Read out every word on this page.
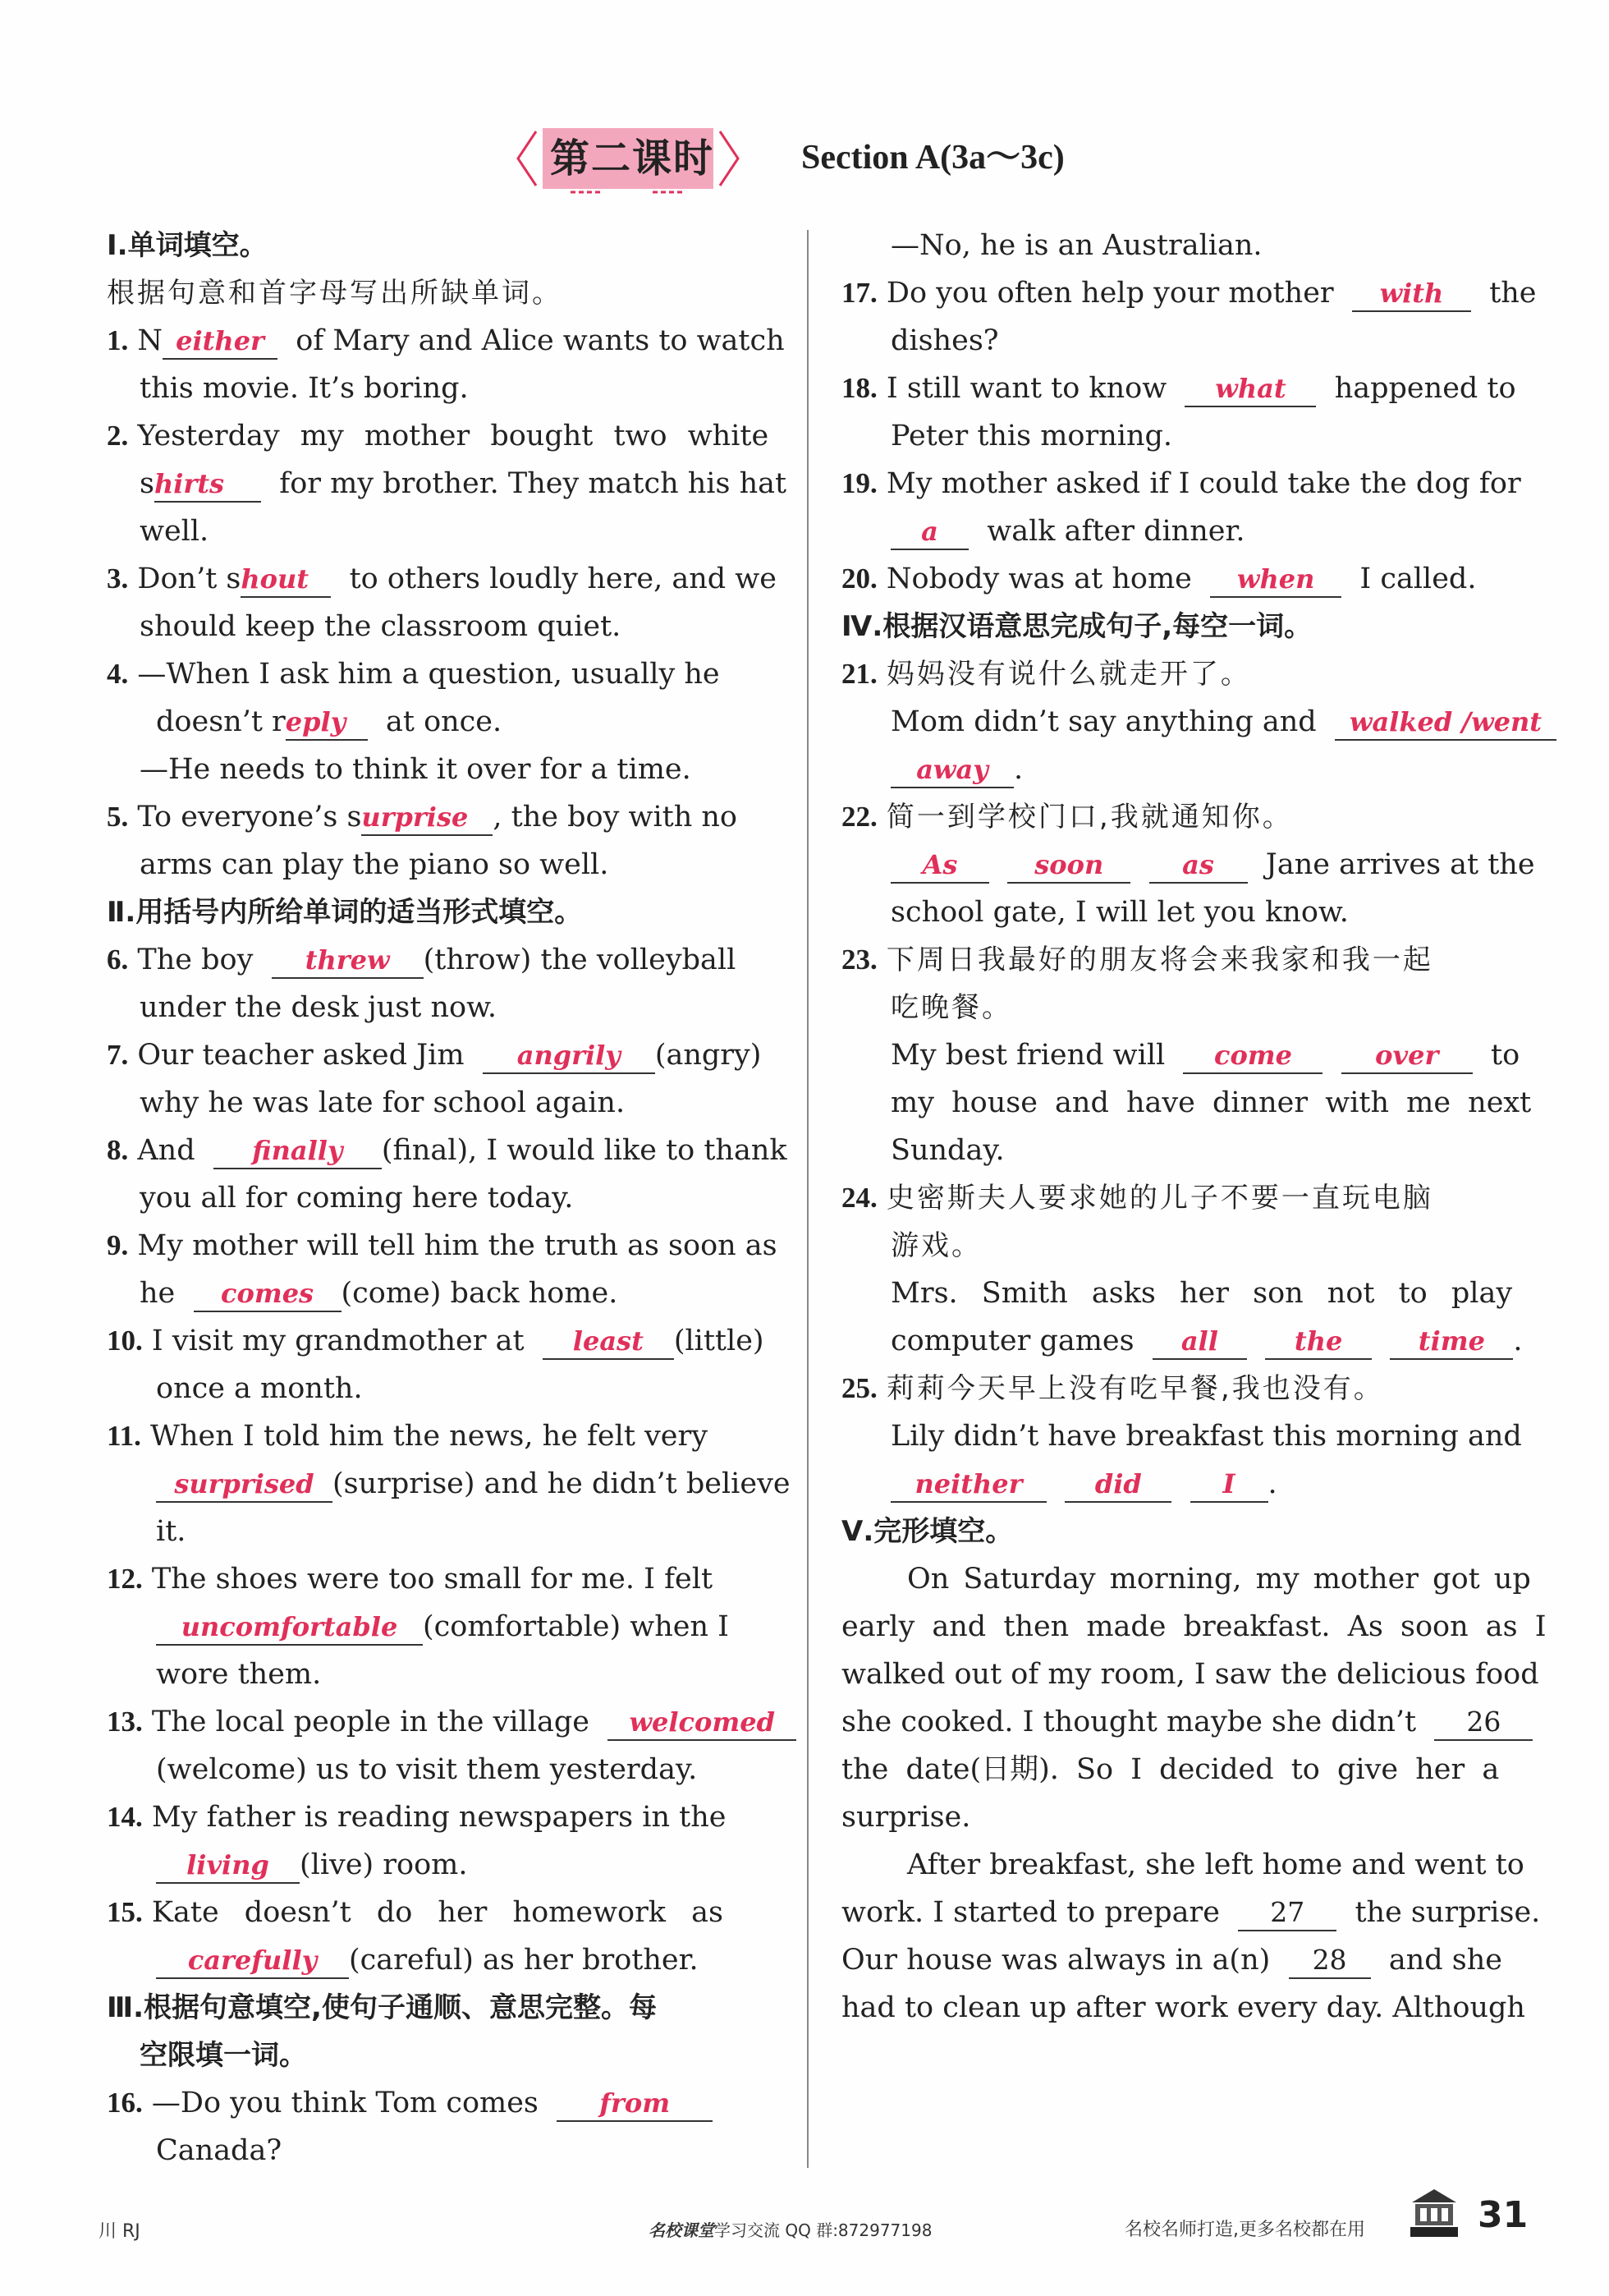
第二课时	Section A(3a～3c)
Ⅰ.单词填空。
根据句意和首字母写出所缺单词。
1. N either of Mary and Alice wants to watch
this movie. It’s boring.
2. Yesterday my mother bought two white
shirts for my brother. They match his hat
well.
3. Don’t shout to others loudly here, and we
should keep the classroom quiet.
4. —When I ask him a question, usually he
doesn’t reply at once.
—He needs to think it over for a time.
5. To everyone’s surprise , the boy with no
arms can play the piano so well.
Ⅱ.用括号内所给单词的适当形式填空。
6. The boy threw (throw) the volleyball
under the desk just now.
7. Our teacher asked Jim angrily (angry)
why he was late for school again.
8. And finally (final), I would like to thank
you all for coming here today.
9. My mother will tell him the truth as soon as
he comes (come) back home.
10. I visit my grandmother at least (little)
once a month.
11. When I told him the news, he felt very
surprised (surprise) and he didn’t believe
it.
12. The shoes were too small for me. I felt
uncomfortable (comfortable) when I
wore them.
13. The local people in the village welcomed
(welcome) us to visit them yesterday.
14. My father is reading newspapers in the
living (live) room.
15. Kate doesn’t do her homework as
carefully (careful) as her brother.
Ⅲ.根据句意填空,使句子通顺、意思完整。每
空限填一词。
16. —Do you think Tom comes from
Canada?
—No, he is an Australian.
17. Do you often help your mother with the
dishes?
18. I still want to know what happened to
Peter this morning.
19. My mother asked if I could take the dog for
a walk after dinner.
20. Nobody was at home when I called.
Ⅳ.根据汉语意思完成句子,每空一词。
21. 妈妈没有说什么就走开了。
Mom didn’t say anything and walked /went
away .
22. 简一到学校门口,我就通知你。
As	soon	as Jane arrives at the
school gate, I will let you know.
23. 下周日我最好的朋友将会来我家和我一起
吃晚餐。
My best friend will come	over to
my house and have dinner with me next
Sunday.
24. 史密斯夫人要求她的儿子不要一直玩电脑
游戏。
Mrs. Smith asks her son not to play
computer games all	the	time .
25. 莉莉今天早上没有吃早餐,我也没有。
Lily didn’t have breakfast this morning and
neither	did	I .
Ⅴ.完形填空。
On Saturday morning, my mother got up
early and then made breakfast. As soon as I
walked out of my room, I saw the delicious food
she cooked. I thought maybe she didn’t 26
the date(日期). So I decided to give her a
surprise.
After breakfast, she left home and went to
work. I started to prepare 27 the surprise.
Our house was always in a(n) 28 and she
had to clean up after work every day. Although
川 RJ	名校课堂学习交流 QQ 群:872977198	名校名师打造,更多名校都在用	31
